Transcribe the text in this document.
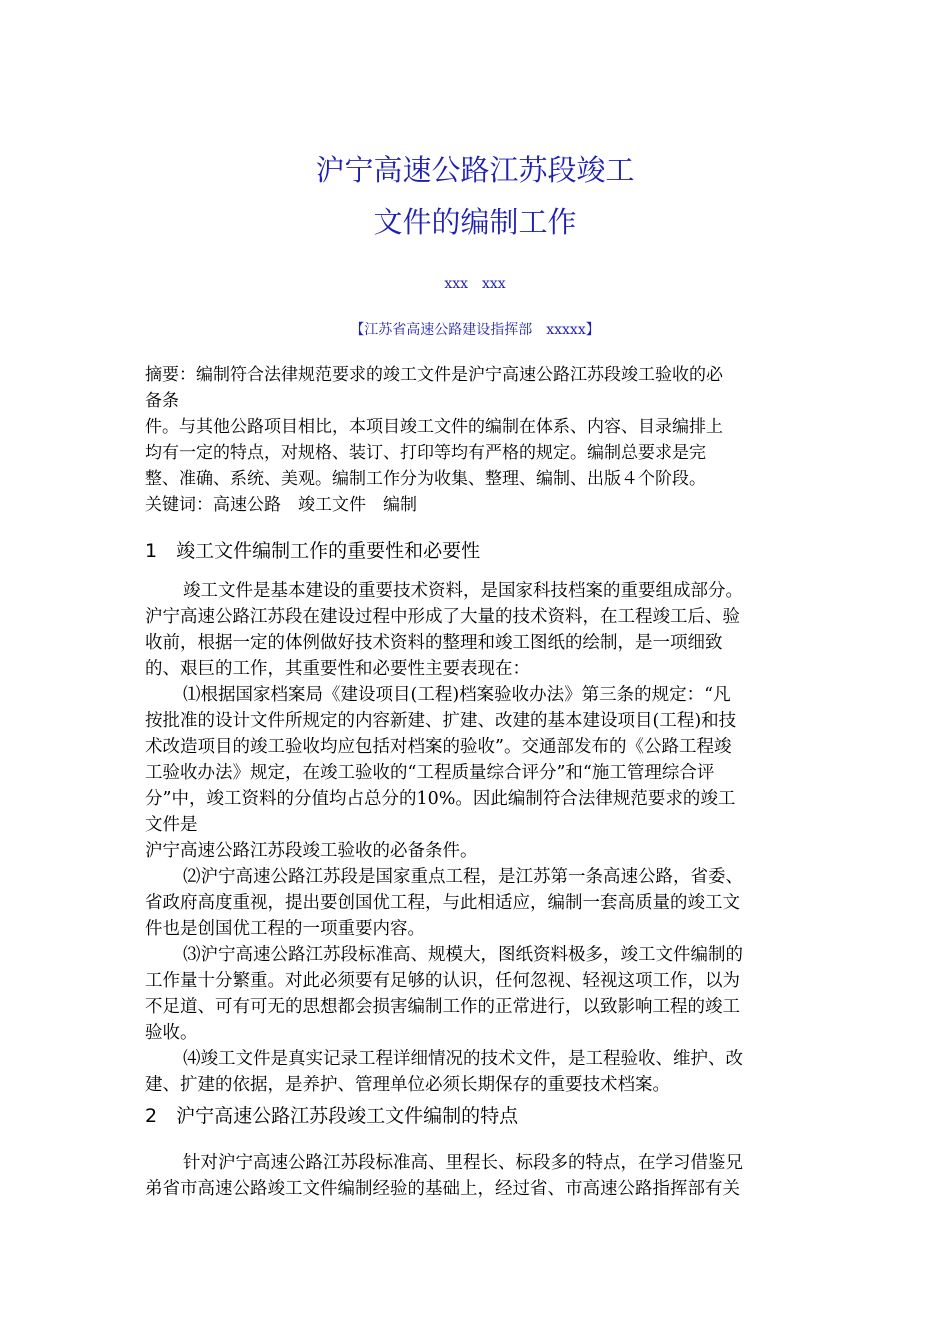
沪宁高速公路江苏段竣工
文件的编制工作
xxx　xxx
【江苏省高速公路建设指挥部　xxxxx】
摘要：编制符合法律规范要求的竣工文件是沪宁高速公路江苏段竣工验收的必
备条
件。与其他公路项目相比，本项目竣工文件的编制在体系、内容、目录编排上
均有一定的特点，对规格、装订、打印等均有严格的规定。编制总要求是完
整、准确、系统、美观。编制工作分为收集、整理、编制、出版４个阶段。
关键词：高速公路　竣工文件　编制
1　竣工文件编制工作的重要性和必要性
竣工文件是基本建设的重要技术资料，是国家科技档案的重要组成部分。
沪宁高速公路江苏段在建设过程中形成了大量的技术资料，在工程竣工后、验
收前，根据一定的体例做好技术资料的整理和竣工图纸的绘制，是一项细致
的、艰巨的工作，其重要性和必要性主要表现在：
⑴根据国家档案局《建设项目(工程)档案验收办法》第三条的规定：“凡
按批准的设计文件所规定的内容新建、扩建、改建的基本建设项目(工程)和技
术改造项目的竣工验收均应包括对档案的验收”。交通部发布的《公路工程竣
工验收办法》规定，在竣工验收的“工程质量综合评分”和“施工管理综合评
分”中，竣工资料的分值均占总分的10%。因此编制符合法律规范要求的竣工
文件是
沪宁高速公路江苏段竣工验收的必备条件。
⑵沪宁高速公路江苏段是国家重点工程，是江苏第一条高速公路，省委、
省政府高度重视，提出要创国优工程，与此相适应，编制一套高质量的竣工文
件也是创国优工程的一项重要内容。
⑶沪宁高速公路江苏段标准高、规模大，图纸资料极多，竣工文件编制的
工作量十分繁重。对此必须要有足够的认识，任何忽视、轻视这项工作，以为
不足道、可有可无的思想都会损害编制工作的正常进行，以致影响工程的竣工
验收。
⑷竣工文件是真实记录工程详细情况的技术文件，是工程验收、维护、改
建、扩建的依据，是养护、管理单位必须长期保存的重要技术档案。
2　沪宁高速公路江苏段竣工文件编制的特点
针对沪宁高速公路江苏段标准高、里程长、标段多的特点，在学习借鉴兄
弟省市高速公路竣工文件编制经验的基础上，经过省、市高速公路指挥部有关
